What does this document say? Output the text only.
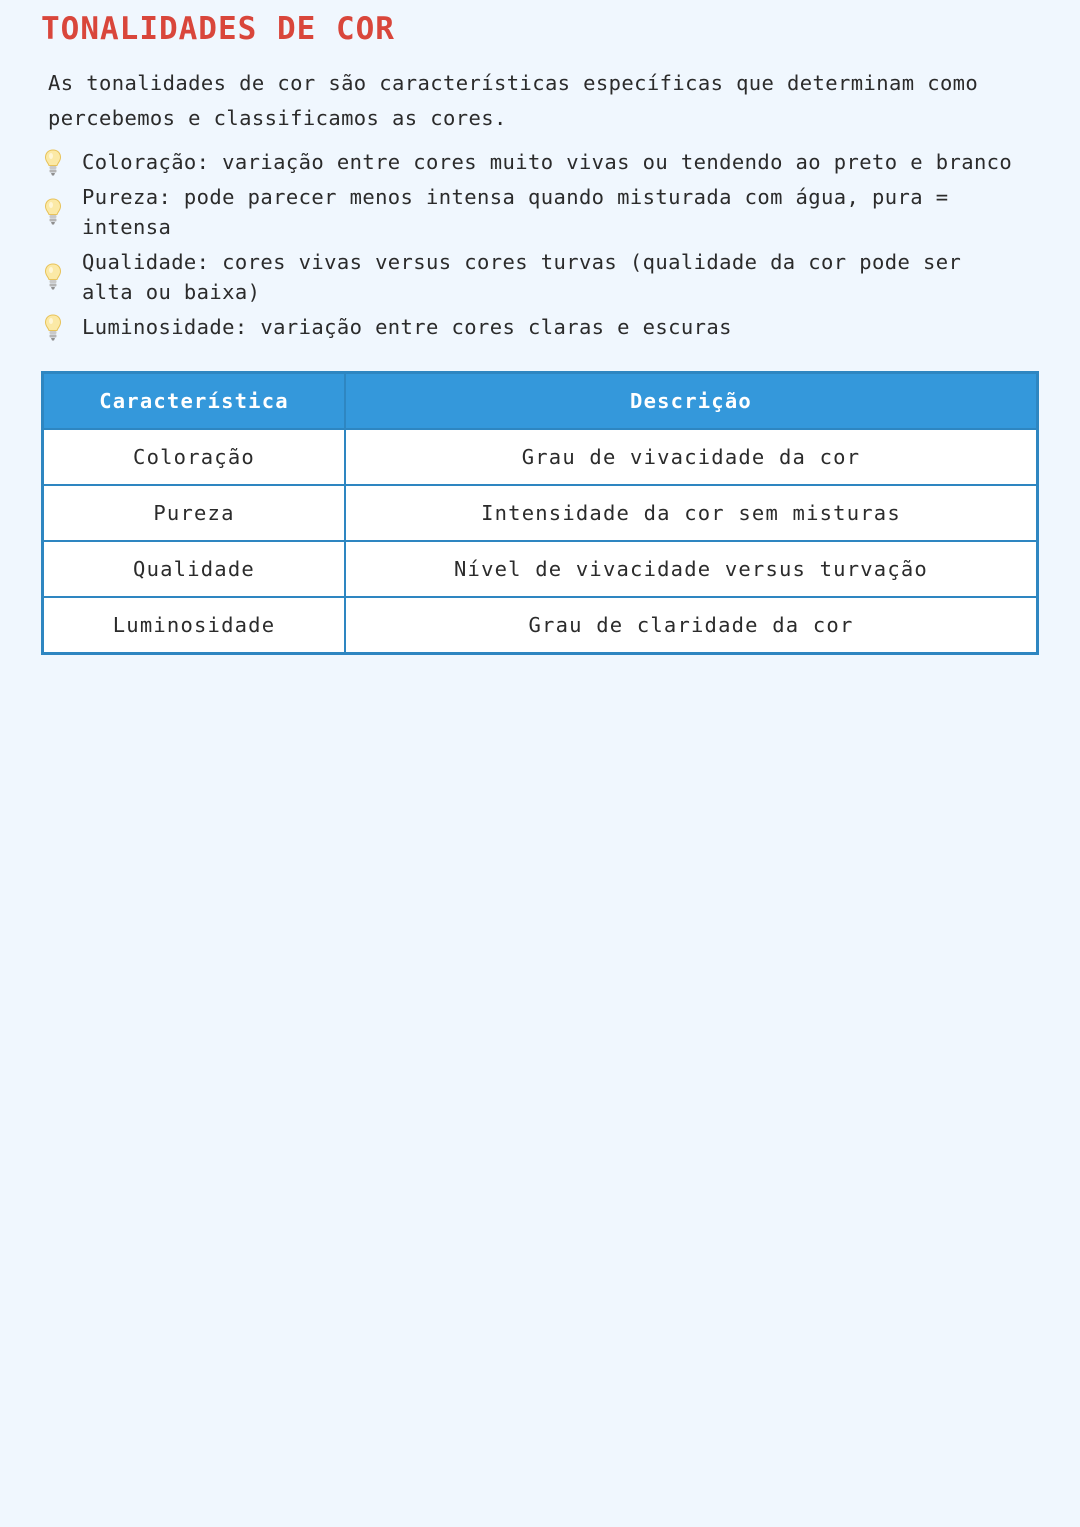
TONALIDADES DE COR

As tonalidades de cor são características específicas que determinam como
percebemos e classificamos as cores.

Coloração: variação entre cores muito vivas ou tendendo ao preto e branco
Pureza: pode parecer menos intensa quando misturada com água, pura =
intensa
Qualidade: cores vivas versus cores turvas (qualidade da cor pode ser
alta ou baixa)
Luminosidade: variação entre cores claras e escuras
Característica	Descrição
Coloração	Grau de vivacidade da cor
Pureza	Intensidade da cor sem misturas
Qualidade	Nível de vivacidade versus turvação
Luminosidade	Grau de claridade da cor
